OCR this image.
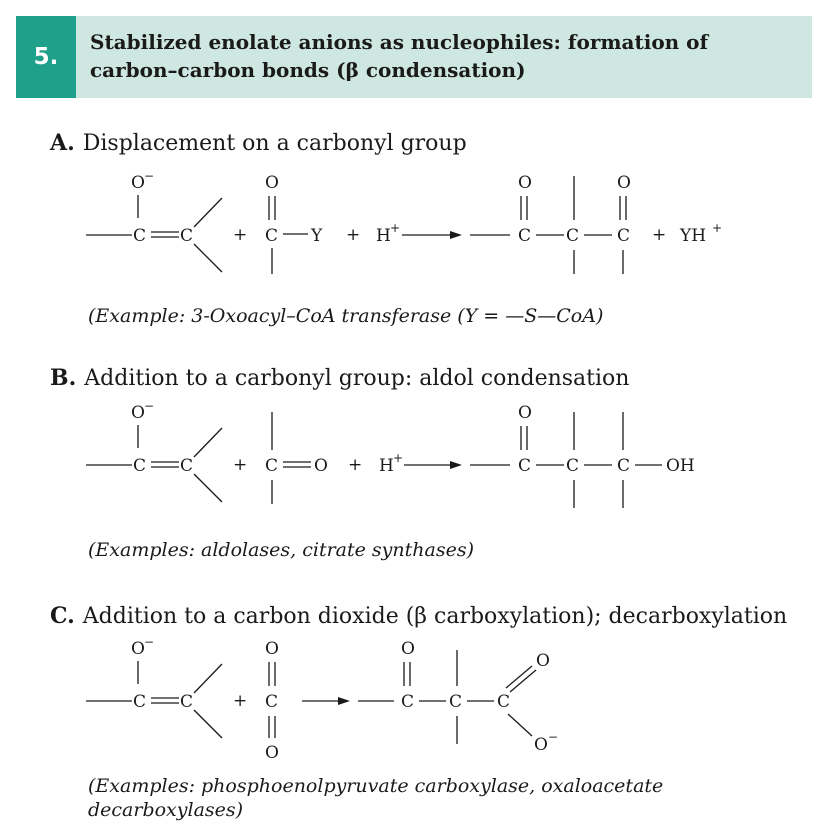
5.
Stabilized enolate anions as nucleophiles: formation of
carbon–carbon bonds (β condensation)
A. Displacement on a carbonyl group
O −
C C +
O
C Y + H +
O
C C
O
C + YH +
(Example: 3-Oxoacyl–CoA transferase (Y = —S—CoA)
B. Addition to a carbonyl group: aldol condensation
O −
C C + C O + H +
O
C C C OH
(Examples: aldolases, citrate synthases)
C. Addition to a carbon dioxide (β carboxylation); decarboxylation
O −
C C +
O
C
O
O
C C C
O
O −
(Examples: phosphoenolpyruvate carboxylase, oxaloacetate
decarboxylases)
